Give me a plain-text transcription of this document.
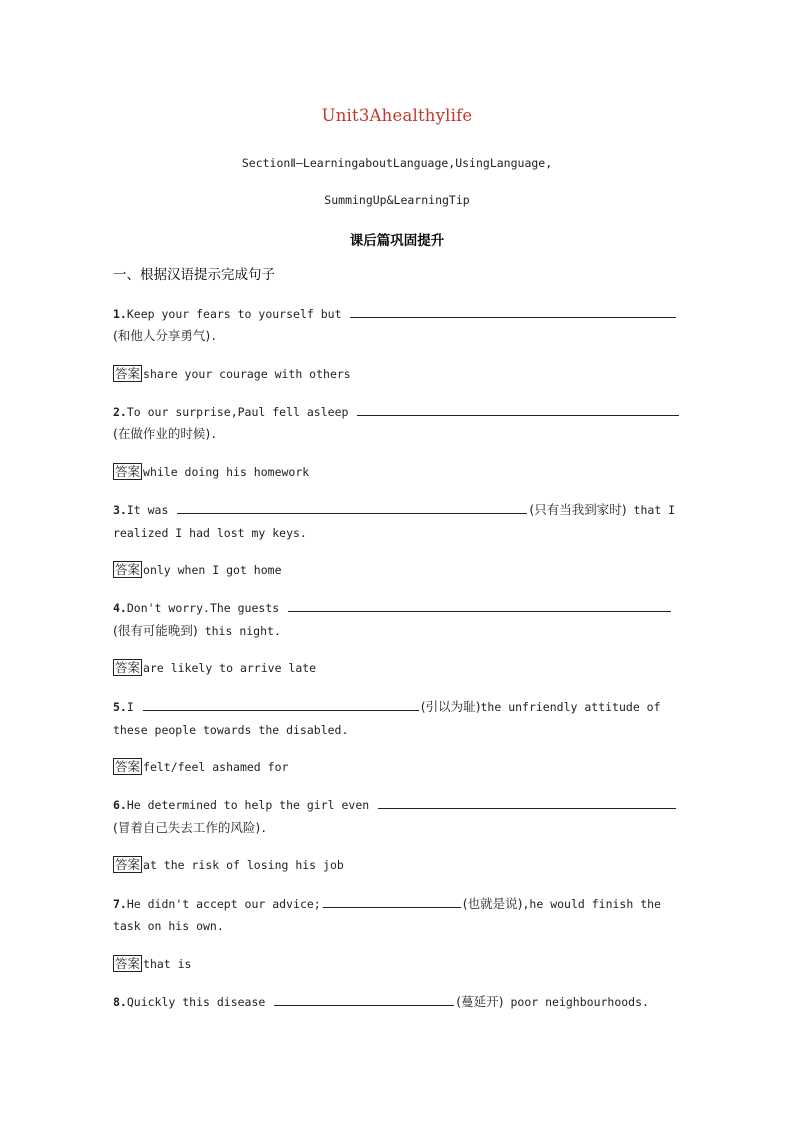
Unit3Ahealthylife
SectionⅡ—LearningaboutLanguage,UsingLanguage,
SummingUp&LearningTip
课后篇巩固提升
一、根据汉语提示完成句子
1.Keep your fears to yourself but
(和他人分享勇气).
答案 share your courage with others
2.To our surprise,Paul fell asleep
(在做作业的时候).
答案 while doing his homework
3.It was	(只有当我到家时) that I
realized I had lost my keys.
答案 only when I got home
4.Don't worry.The guests
(很有可能晚到) this night.
答案 are likely to arrive late
5.I	(引以为耻)the unfriendly attitude of
these people towards the disabled.
答案 felt/feel ashamed for
6.He determined to help the girl even
(冒着自己失去工作的风险).
答案 at the risk of losing his job
7.He didn't accept our advice;	(也就是说),he would finish the
task on his own.
答案 that is
8.Quickly this disease	(蔓延开) poor neighbourhoods.
